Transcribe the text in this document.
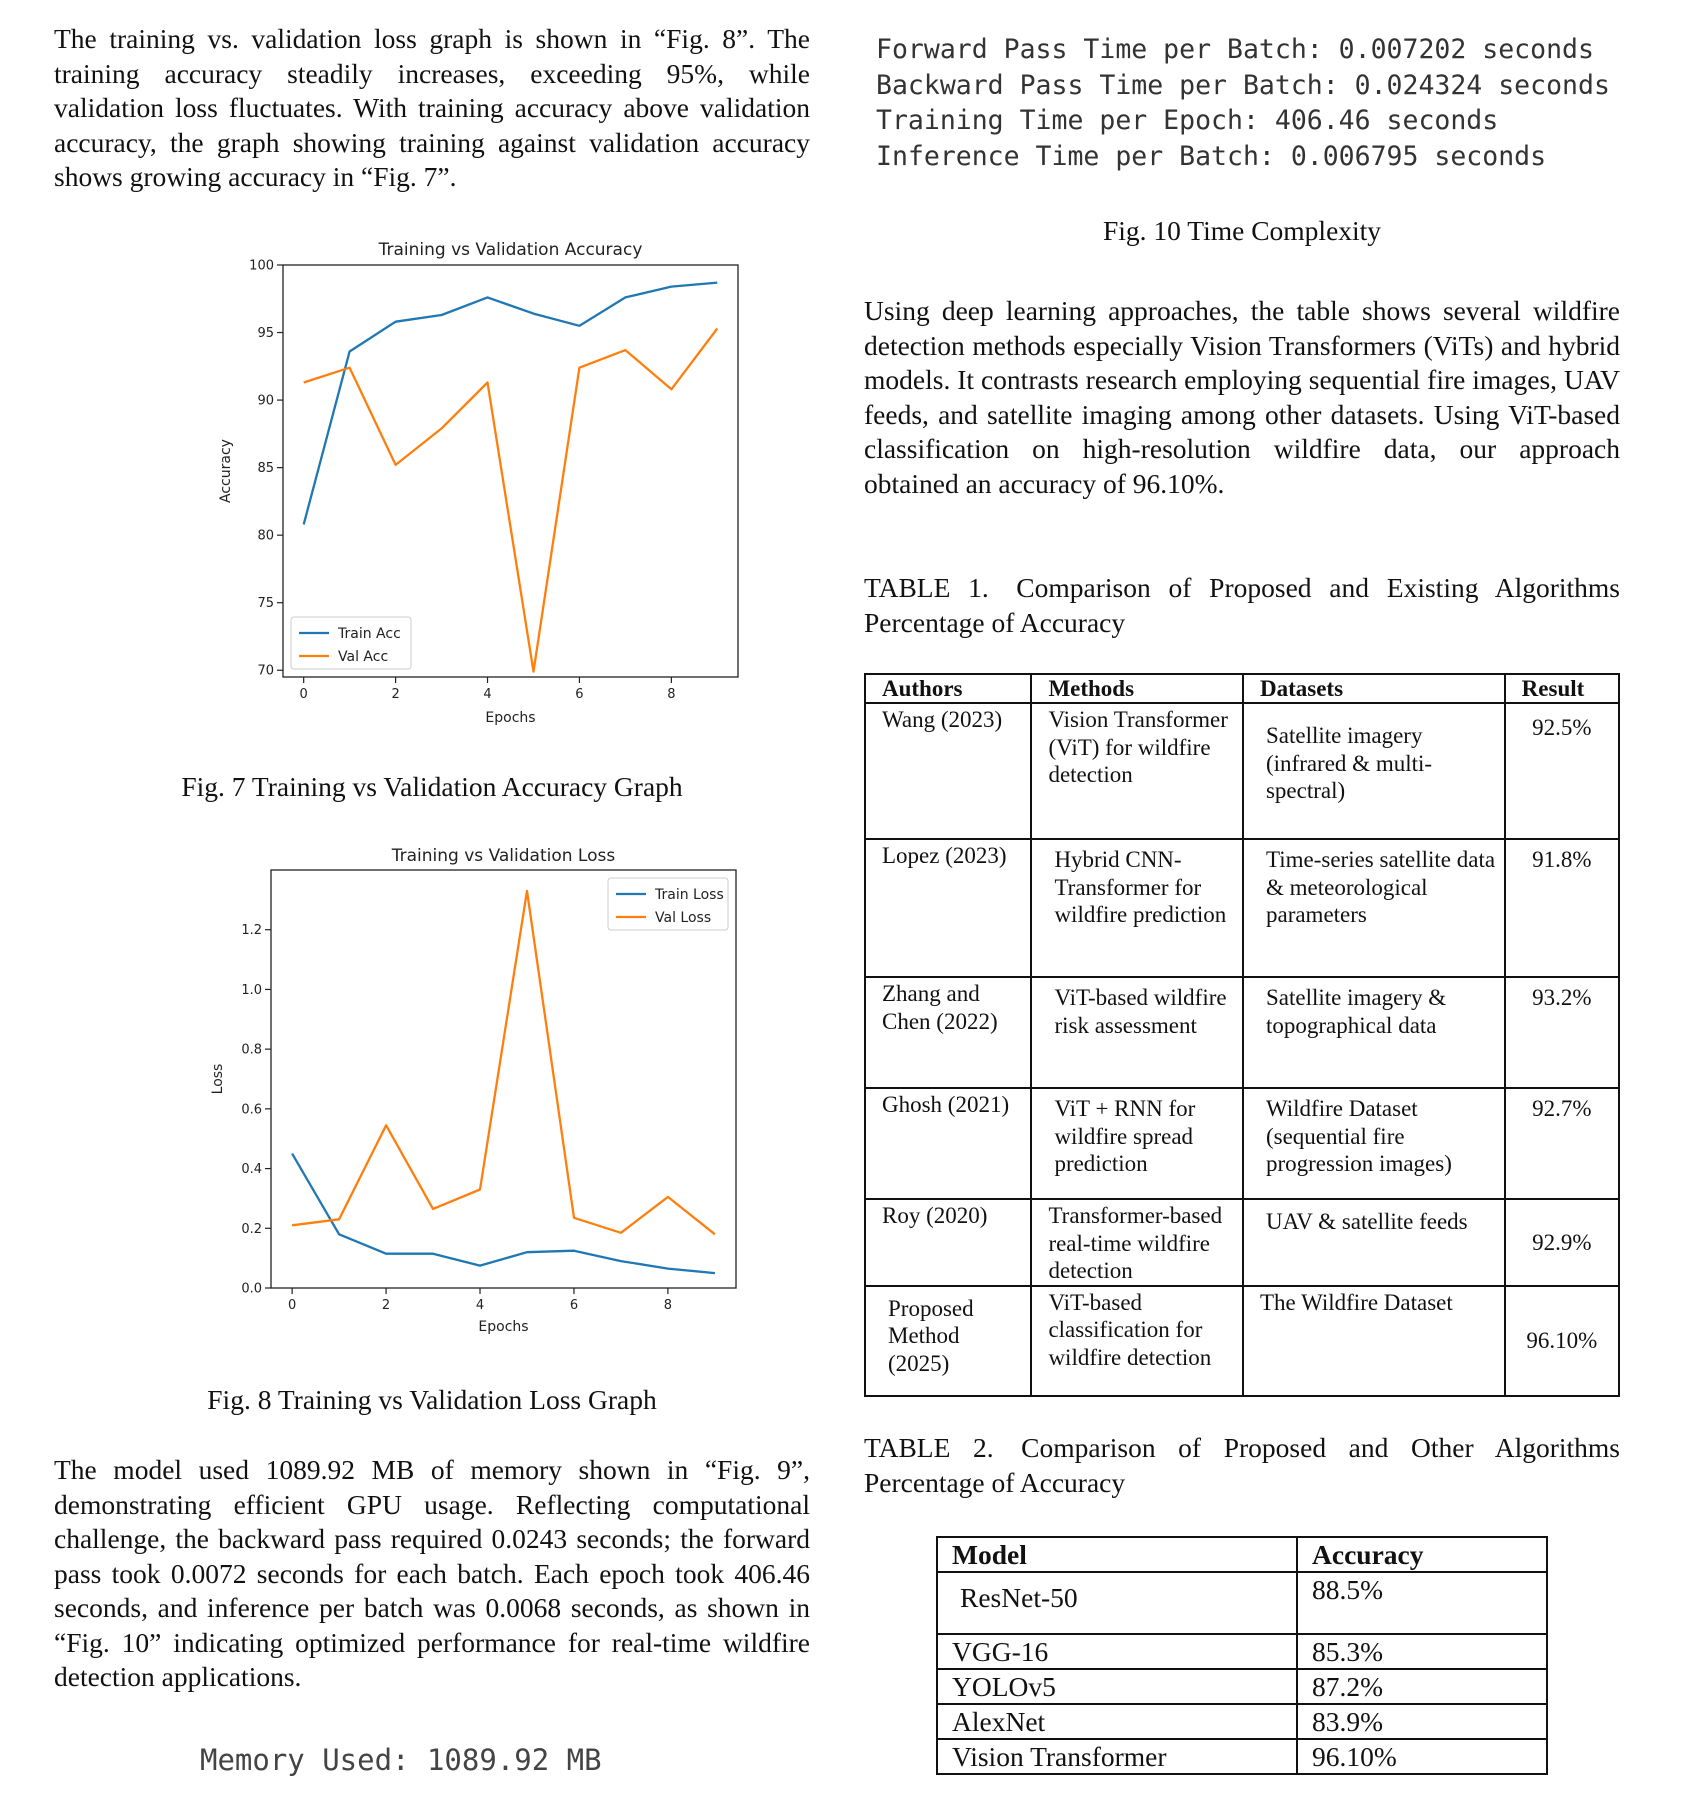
The training vs. validation loss graph is shown in “Fig. 8”. The training accuracy steadily increases, exceeding 95%, while validation loss fluctuates. With training accuracy above validation accuracy, the graph showing training against validation accuracy shows growing accuracy in “Fig. 7”.

Training vs Validation Accuracy
0	2	4	6	8
70
75
80
85
90
95
100
Epochs
Accuracy
Train Acc
Val Acc
Fig. 7 Training vs Validation Accuracy Graph
Training vs Validation Loss
0	2	4	6	8
0.0
0.2
0.4
0.6
0.8
1.0
1.2
Epochs
Loss
Train Loss
Val Loss
Fig. 8 Training vs Validation Loss Graph

The model used 1089.92 MB of memory shown in “Fig. 9”, demonstrating efficient GPU usage. Reflecting computational challenge, the backward pass required 0.0243 seconds; the forward pass took 0.0072 seconds for each batch. Each epoch took 406.46 seconds, and inference per batch was 0.0068 seconds, as shown in “Fig. 10” indicating optimized performance for real-time wildfire detection applications.

Memory Used: 1089.92 MB
Forward Pass Time per Batch: 0.007202 seconds
Backward Pass Time per Batch: 0.024324 seconds
Training Time per Epoch: 406.46 seconds
Inference Time per Batch: 0.006795 seconds
Fig. 10 Time Complexity

Using deep learning approaches, the table shows several wildfire detection methods especially Vision Transformers (ViTs) and hybrid models. It contrasts research employing sequential fire images, UAV feeds, and satellite imaging among other datasets. Using ViT-based classification on high-resolution wildfire data, our approach obtained an accuracy of 96.10%.

TABLE 1. Comparison of Proposed and Existing Algorithms Percentage of Accuracy
Authors	Methods	Datasets	Result
Wang (2023)	Vision Transformer (ViT) for wildfire detection	Satellite imagery (infrared & multi-spectral)	92.5%
Lopez (2023)	Hybrid CNN-Transformer for wildfire prediction	Time-series satellite data & meteorological parameters	91.8%
Zhang and Chen (2022)	ViT-based wildfire risk assessment	Satellite imagery & topographical data	93.2%
Ghosh (2021)	ViT + RNN for wildfire spread prediction	Wildfire Dataset (sequential fire progression images)	92.7%
Roy (2020)	Transformer-based real-time wildfire detection	UAV & satellite feeds	92.9%
Proposed Method (2025)	ViT-based classification for wildfire detection	The Wildfire Dataset	96.10%
TABLE 2. Comparison of Proposed and Other Algorithms Percentage of Accuracy
Model	Accuracy
ResNet-50	88.5%
VGG-16	85.3%
YOLOv5	87.2%
AlexNet	83.9%
Vision Transformer	96.10%
